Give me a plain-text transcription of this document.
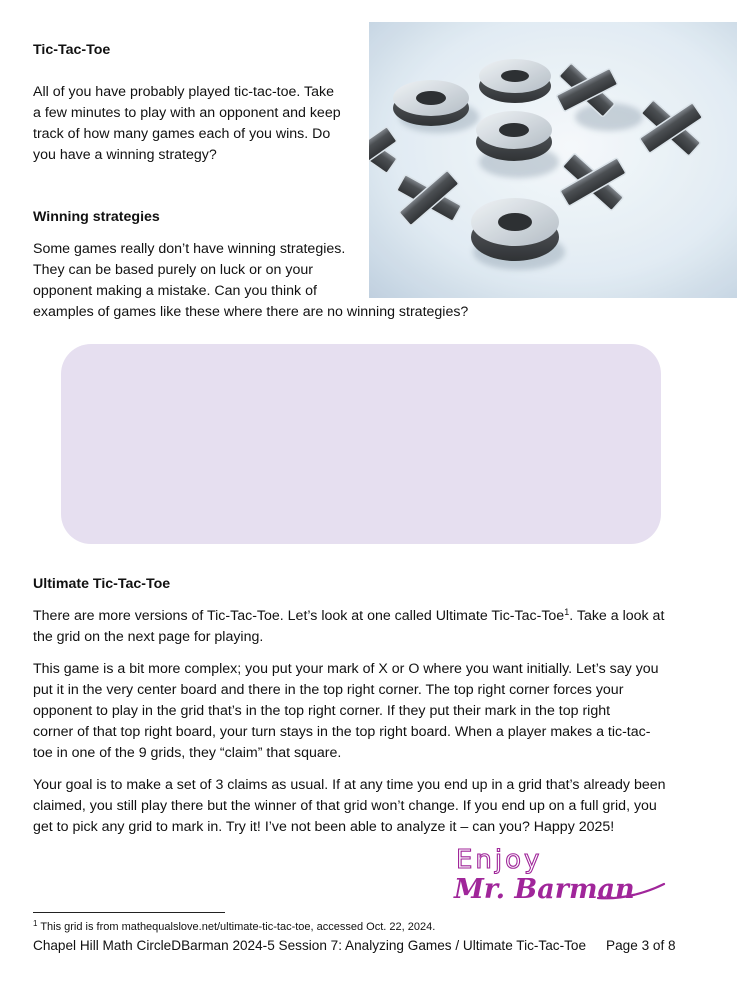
Tic-Tac-Toe

All of you have probably played tic-tac-toe. Take

a few minutes to play with an opponent and keep

track of how many games each of you wins. Do

you have a winning strategy?

Winning strategies

Some games really don’t have winning strategies.

They can be based purely on luck or on your

opponent making a mistake. Can you think of

examples of games like these where there are no winning strategies?

Ultimate Tic-Tac-Toe

There are more versions of Tic-Tac-Toe. Let’s look at one called Ultimate Tic-Tac-Toe$^1$. Take a look at

the grid on the next page for playing.

This game is a bit more complex; you put your mark of X or O where you want initially. Let’s say you

put it in the very center board and there in the top right corner. The top right corner forces your

opponent to play in the grid that’s in the top right corner. If they put their mark in the top right

corner of that top right board, your turn stays in the top right board. When a player makes a tic-tac-

toe in one of the 9 grids, they “claim” that square.

Your goal is to make a set of 3 claims as usual. If at any time you end up in a grid that’s already been

claimed, you still play there but the winner of that grid won’t change. If you end up on a full grid, you

get to pick any grid to mark in. Try it! I’ve not been able to analyze it – can you? Happy 2025!

Enjoy
Mr. Barman
$^1$ This grid is from mathequalslove.net/ultimate-tic-tac-toe, accessed Oct. 22, 2024.
Chapel Hill Math CircleDBarman 2024-5 Session 7: Analyzing Games / Ultimate Tic-Tac-Toe Page 3 of 8
